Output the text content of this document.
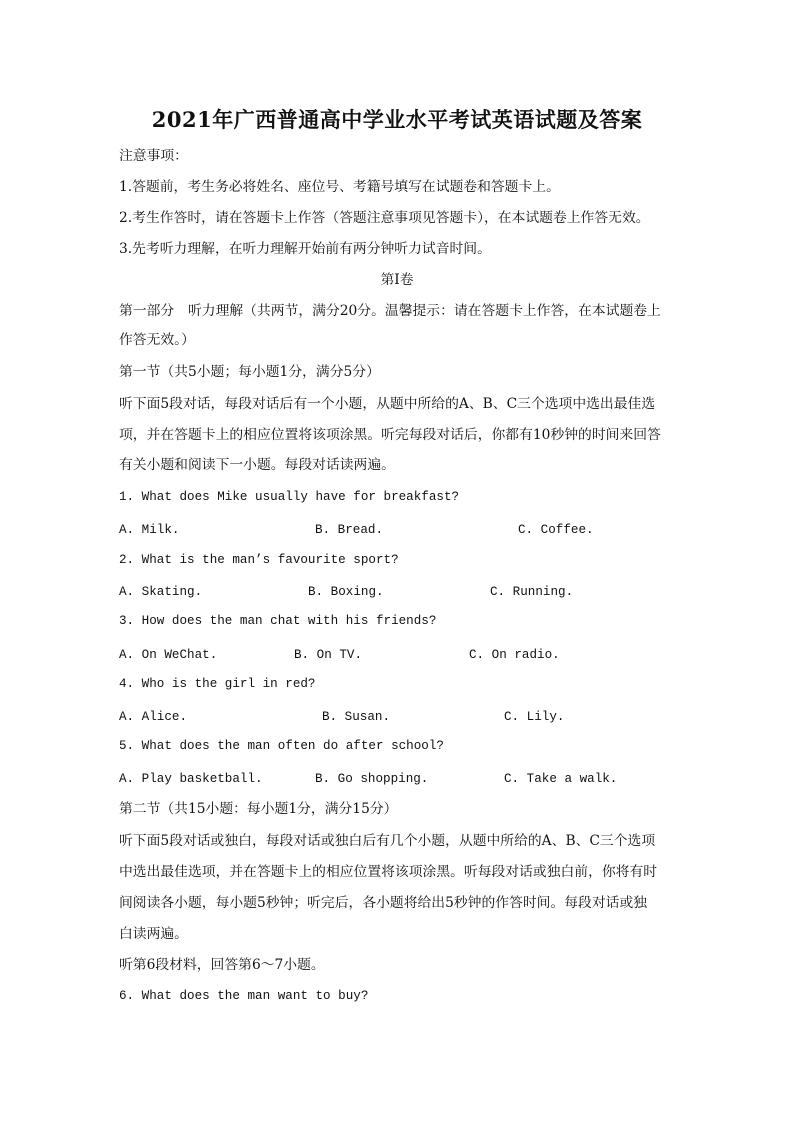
2021年广西普通高中学业水平考试英语试题及答案
注意事项：
1.答题前，考生务必将姓名、座位号、考籍号填写在试题卷和答题卡上。
2.考生作答时，请在答题卡上作答（答题注意事项见答题卡），在本试题卷上作答无效。
3.先考听力理解，在听力理解开始前有两分钟听力试音时间。
第Ⅰ卷
第一部分　听力理解（共两节，满分20分。温馨提示：请在答题卡上作答，在本试题卷上
作答无效。）
第一节（共5小题；每小题1分，满分5分）
听下面5段对话，每段对话后有一个小题，从题中所给的A、B、C三个选项中选出最佳选
项，并在答题卡上的相应位置将该项涂黑。听完每段对话后，你都有10秒钟的时间来回答
有关小题和阅读下一小题。每段对话读两遍。
1. What does Mike usually have for breakfast?
A. Milk.	B. Bread.	C. Coffee.
2. What is the man’s favourite sport?
A. Skating.	B. Boxing.	C. Running.
3. How does the man chat with his friends?
A. On WeChat.	B. On TV.	C. On radio.
4. Who is the girl in red?
A. Alice.	B. Susan.	C. Lily.
5. What does the man often do after school?
A. Play basketball.	B. Go shopping.	C. Take a walk.
第二节（共15小题：每小题1分，满分15分）
听下面5段对话或独白，每段对话或独白后有几个小题，从题中所给的A、B、C三个选项
中选出最佳选项，并在答题卡上的相应位置将该项涂黑。听每段对话或独白前，你将有时
间阅读各小题，每小题5秒钟；听完后，各小题将给出5秒钟的作答时间。每段对话或独
白读两遍。
听第6段材料，回答第6～7小题。
6. What does the man want to buy?
